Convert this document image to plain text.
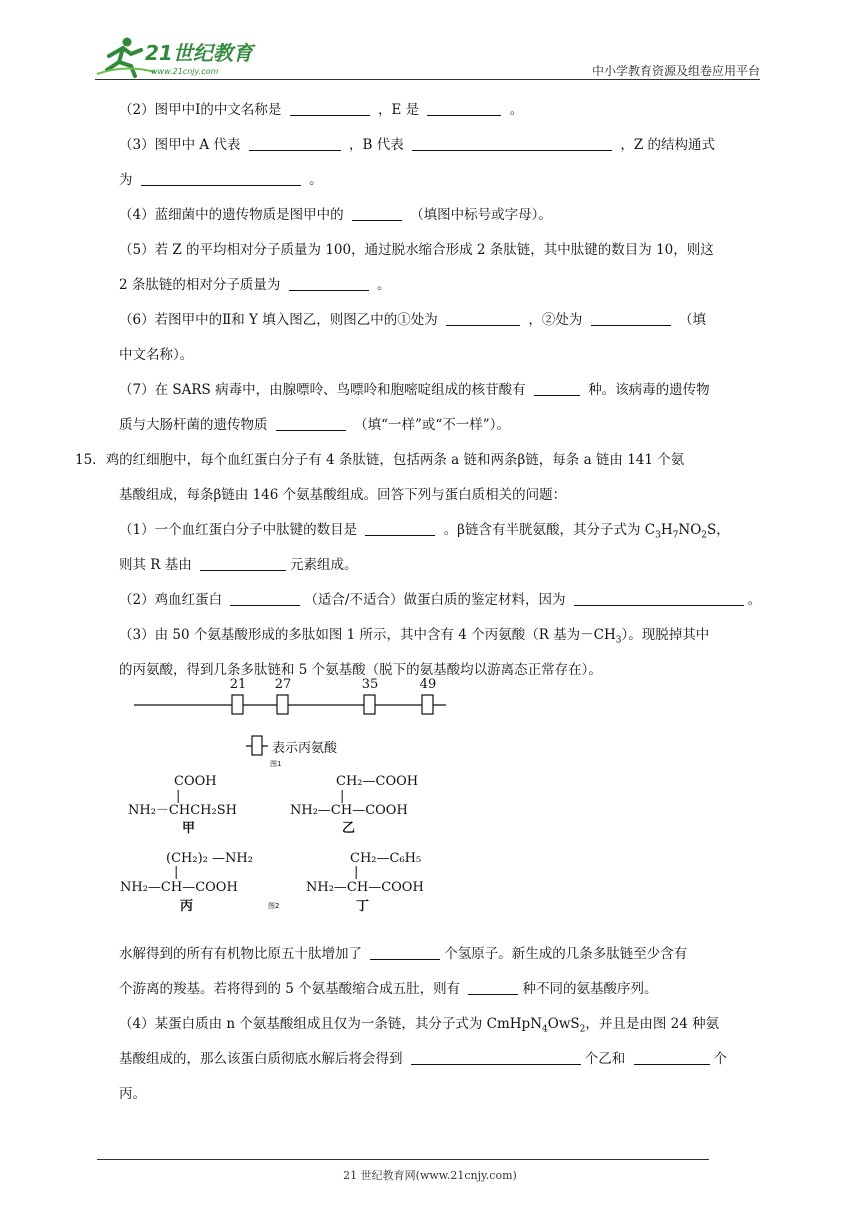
21世纪教育
www.21cnjy.com	中小学教育资源及组卷应用平台
（2）图甲中Ⅰ的中文名称是	，E 是	。
（3）图甲中 A 代表	，B 代表	，Z 的结构通式
为	。
（4）蓝细菌中的遗传物质是图甲中的	（填图中标号或字母）。
（5）若 Z 的平均相对分子质量为 100，通过脱水缩合形成 2 条肽链，其中肽键的数目为 10，则这
2 条肽链的相对分子质量为	。
（6）若图甲中的Ⅱ和 Y 填入图乙，则图乙中的①处为	，②处为	（填
中文名称）。
（7）在 SARS 病毒中，由腺嘌呤、鸟嘌呤和胞嘧啶组成的核苷酸有	种。该病毒的遗传物
质与大肠杆菌的遗传物质	（填“一样”或“不一样”）。
15．鸡的红细胞中，每个血红蛋白分子有 4 条肽链，包括两条 a 链和两条β链，每条 a 链由 141 个氨
基酸组成，每条β链由 146 个氨基酸组成。回答下列与蛋白质相关的问题：
（1）一个血红蛋白分子中肽键的数目是	。β链含有半胱氨酸，其分子式为 $C_3H_7NO_2S$，
则其 R 基由	元素组成。
（2）鸡血红蛋白	（适合/不适合）做蛋白质的鉴定材料，因为	。
（3）由 50 个氨基酸形成的多肽如图 1 所示，其中含有 4 个丙氨酸（R 基为$-CH_3$）。现脱掉其中
的丙氨酸，得到几条多肽链和 5 个氨基酸（脱下的氨基酸均以游离态正常存在）。
水解得到的所有有机物比原五十肽增加了	个氢原子。新生成的几条多肽链至少含有
个游离的羧基。若将得到的 5 个氨基酸缩合成五肚，则有	种不同的氨基酸序列。
（4）某蛋白质由 n 个氨基酸组成且仅为一条链，其分子式为 CmHpN$_4$OwS$_2$，并且是由图 24 种氨
基酸组成的，那么该蛋白质彻底水解后将会得到	个乙和	个
丙。
21 27	35	49
表示丙氨酸
图1
COOH
|
NH₂－CHCH₂SH
甲
CH₂—COOH
|
NH₂—CH—COOH
乙
(CH₂)₂ —NH₂
|
NH₂—CH—COOH
丙	图2
CH₂—C₆H₅
|
NH₂—CH—COOH
丁
21 世纪教育网(www.21cnjy.com)
